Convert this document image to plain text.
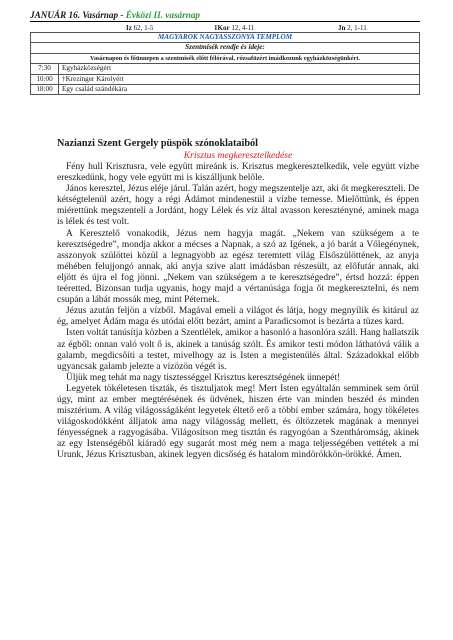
JANUÁR 16. Vasárnap - Évközi II. vasárnap
Iz 62, 1-5	1Kor 12, 4-11	Jn 2, 1-11
MAGYAROK NAGYASSZONYA TEMPLOM	
Szentmisék rendje és ideje:	
Vasárnapon és főünnepen a szentmisék előtt félórával, rózsafüzért imádkozunk egyházközségünkért.	
7:30	Egyházközségért
10:00	†Krezinger Károlyért
18:00	Egy család szándékára
Nazianzi Szent Gergely püspök szónoklataiból
Krisztus megkeresztelkedése

Fény hull Krisztusra, vele együtt mireánk is. Krisztus megkeresztelkedik, vele együtt vízbe ereszkedünk, hogy vele együtt mi is kiszálljunk belőle.

János keresztel, Jézus eléje járul. Talán azért, hogy megszentelje azt, aki őt megkereszteli. De kétségtelenül azért, hogy a régi Ádámot mindenestül a vízbe temesse. Mielőttünk, és éppen miérettünk megszenteli a Jordánt, hogy Lélek és víz által avasson keresztényné, aminek maga is lélek és test volt.

A Keresztelő vonakodik, Jézus nem hagyja magát. „Nekem van szükségem a te keresztségedre”, mondja akkor a mécses a Napnak, a szó az Igének, a jó barát a Vőlegénynek, asszonyok szülöttei közül a legnagyobb az egész teremtett világ Elsőszülöttének, az anyja méhében felujjongó annak, aki anyja szíve alatt imádásban részesült, az előfutár annak, aki eljött és újra el fog jönni. „Nekem van szükségem a te keresztségedre”, értsd hozzá: éppen teéretted. Bizonsan tudja ugyanis, hogy majd a vértanúsága fogja őt megkereszteIni, és nem csupán a lábát mossák meg, mint Péternek.

Jézus azután feljön a vízből. Magával emeli a világot és látja, hogy megnyílik és kitárul az ég, amelyet Ádám maga és utódai előtt bezárt, amint a Paradicsomot is bezárta a tüzes kard.

Isten voltát tanúsítja közben a Szentlélek, amikor a hasonló a hasonlóra száll. Hang hallatszik az égből: onnan való volt ő is, akinek a tanúság szólt. És amikor testi módon láthatóvá válik a galamb, megdicsőíti a testet, mivelhogy az is Isten a megistenülés által. Századokkal előbb ugyancsak galamb jelezte a vízözön végét is.

Üljük meg tehát ma nagy tisztességgel Krisztus keresztségének ünnepét!

Legyetek tökéletesen tiszták, és tisztuljatok meg! Mert Isten egyáltalán semminek sem örül úgy, mint az ember megtérésének és üdvének, hiszen érte van minden beszéd és minden misztérium. A világ világosságáként legyetek éltető erő a többi ember számára, hogy tökéletes világoskodókként álljatok ama nagy világosság mellett, és öltözzetek magának a mennyei fényességnek a ragyogásába. Világosítson meg tisztán és ragyogóan a Szentháromság, akinek az egy Istenségéből kiáradó egy sugarát most még nem a maga teljességében vettétek a mi Urunk, Jézus Krisztusban, akinek legyen dicsőség és hatalom mindörökkön-örökké. Ámen.
